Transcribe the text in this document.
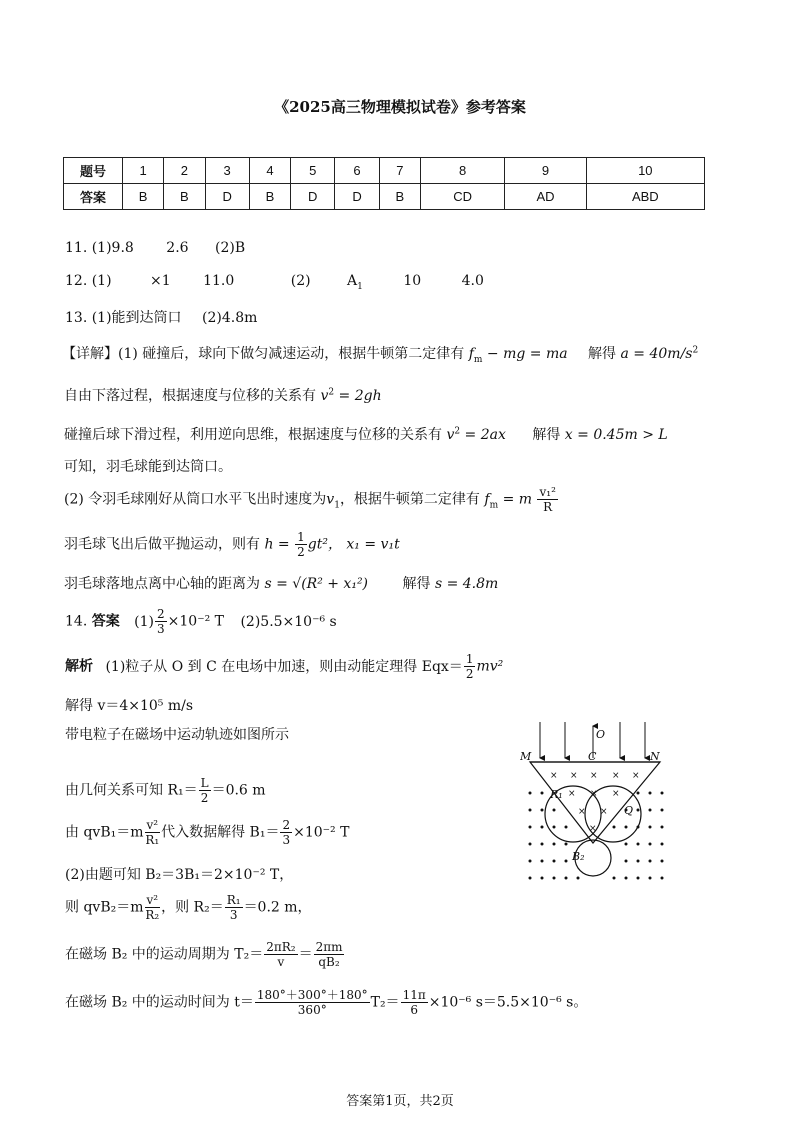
《2025高三物理模拟试卷》参考答案
题号	1	2	3	4	5	6	7	8	9	10
答案	B	B	D	B	D	D	B	CD	AD	ABD
11. (1)9.8 2.6 (2)B
12. (1)	×1 11.0	(2)	$A_1$	10	4.0
13. (1)能到达筒口 (2)4.8m
【详解】(1) 碰撞后，球向下做匀减速运动，根据牛顿第二定律有 $f_m$ − mg = ma 解得 $a = 40m/s^2$
自由下落过程，根据速度与位移的关系有 $v^2 = 2gh$
碰撞后球下滑过程，利用逆向思维，根据速度与位移的关系有 $v^2 = 2ax$ 解得 x = 0.45m > L
可知，羽毛球能到达筒口。
(2) 令羽毛球刚好从筒口水平飞出时速度为$v_1$，根据牛顿第二定律有 $f_m = m \frac{\text{v₁²}}{R}$
羽毛球飞出后做平抛运动，则有 $h = \frac{1}{2} gt^2$， x₁ = v₁t
羽毛球落地点离中心轴的距离为 s = √(R² + x₁²) 解得 s = 4.8m
14. 答案 $(1) \frac{2}{3} \times 10^{-2}$ T (2)5.5×10⁻⁶ s
解析 (1)粒子从 O 到 C 在电场中加速，则由动能定理得 $Eqx= \frac{1}{2} mv^2$
解得 v＝4×10⁵ m/s
带电粒子在磁场中运动轨迹如图所示
由几何关系可知 $R_1= \frac{L}{2} =0.6$ m
由 $qvB_1=m \frac{\text{v²}}{\text{R₁}}$ 代入数据解得 $B_1= \frac{2}{3} \times 10^{-2}$ T
(2)由题可知 B₂＝3B₁＝2×10⁻² T，
则 $qvB_2=m \frac{\text{v²}}{\text{R₂}}$ ，则 $R_2= \frac{\text{R₁}}{3} =0.2$ m，
在磁场 B₂ 中的运动周期为 $T_2= \frac{\text{2πR₂}}{v} = \frac{2\pi m}{\text{qB₂}}$
在磁场 B₂ 中的运动时间为 $t= \frac{180^\circ+300^\circ+180^\circ}{360^\circ} T_2= \frac{11\pi}{6} \times 10^{-6}$ s＝5.5×10⁻⁶ s。
× × × × ×
× × ×
× ×
×
M
O
C	N
R₁
Q
B₂
答案第1页，共2页
